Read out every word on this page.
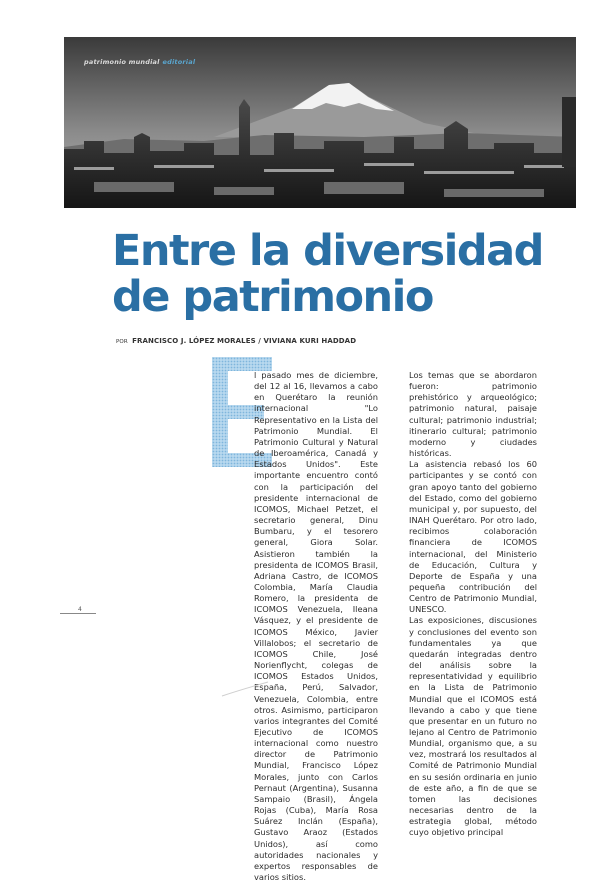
patrimonio mundial editorial
Entre la diversidad
de patrimonio
POR FRANCISCO J. LÓPEZ MORALES / VIVIANA KURI HADDAD

l pasado mes de diciembre, del 12 al 16, llevamos a cabo en Querétaro la reunión internacional "Lo Representativo en la Lista del Patrimonio Mundial. El Patrimonio Cultural y Natural de Iberoamérica, Canadá y Estados Unidos". Este importante encuentro contó con la participación del presidente internacional de ICOMOS, Michael Petzet, el secretario general, Dinu Bumbaru, y el tesorero general, Giora Solar. Asistieron también la presidenta de ICOMOS Brasil, Adriana Castro, de ICOMOS Colombia, María Claudia Romero, la presidenta de ICOMOS Venezuela, Ileana Vásquez, y el presidente de ICOMOS México, Javier Villalobos; el secretario de ICOMOS Chile, José Norienflycht, colegas de ICOMOS Estados Unidos, España, Perú, Salvador, Venezuela, Colombia, entre otros. Asimismo, participaron varios integrantes del Comité Ejecutivo de ICOMOS internacional como nuestro director de Patrimonio Mundial, Francisco López Morales, junto con Carlos Pernaut (Argentina), Susanna Sampaio (Brasil), Ángela Rojas (Cuba), María Rosa Suárez Inclán (España), Gustavo Araoz (Estados Unidos), así como autoridades nacionales y expertos responsables de varios sitios.

Los temas que se abordaron fueron: patrimonio prehistórico y arqueológico; patrimonio natural, paisaje cultural; patrimonio industrial; itinerario cultural; patrimonio moderno y ciudades históricas.

La asistencia rebasó los 60 participantes y se contó con gran apoyo tanto del gobierno del Estado, como del gobierno municipal y, por supuesto, del INAH Querétaro. Por otro lado, recibimos colaboración financiera de ICOMOS internacional, del Ministerio de Educación, Cultura y Deporte de España y una pequeña contribución del Centro de Patrimonio Mundial, UNESCO.

Las exposiciones, discusiones y conclusiones del evento son fundamentales ya que quedarán integradas dentro del análisis sobre la representatividad y equilibrio en la Lista de Patrimonio Mundial que el ICOMOS está llevando a cabo y que tiene que presentar en un futuro no lejano al Centro de Patrimonio Mundial, organismo que, a su vez, mostrará los resultados al Comité de Patrimonio Mundial en su sesión ordinaria en junio de este año, a fin de que se tomen las decisiones necesarias dentro de la estrategia global, método cuyo objetivo principal

4
